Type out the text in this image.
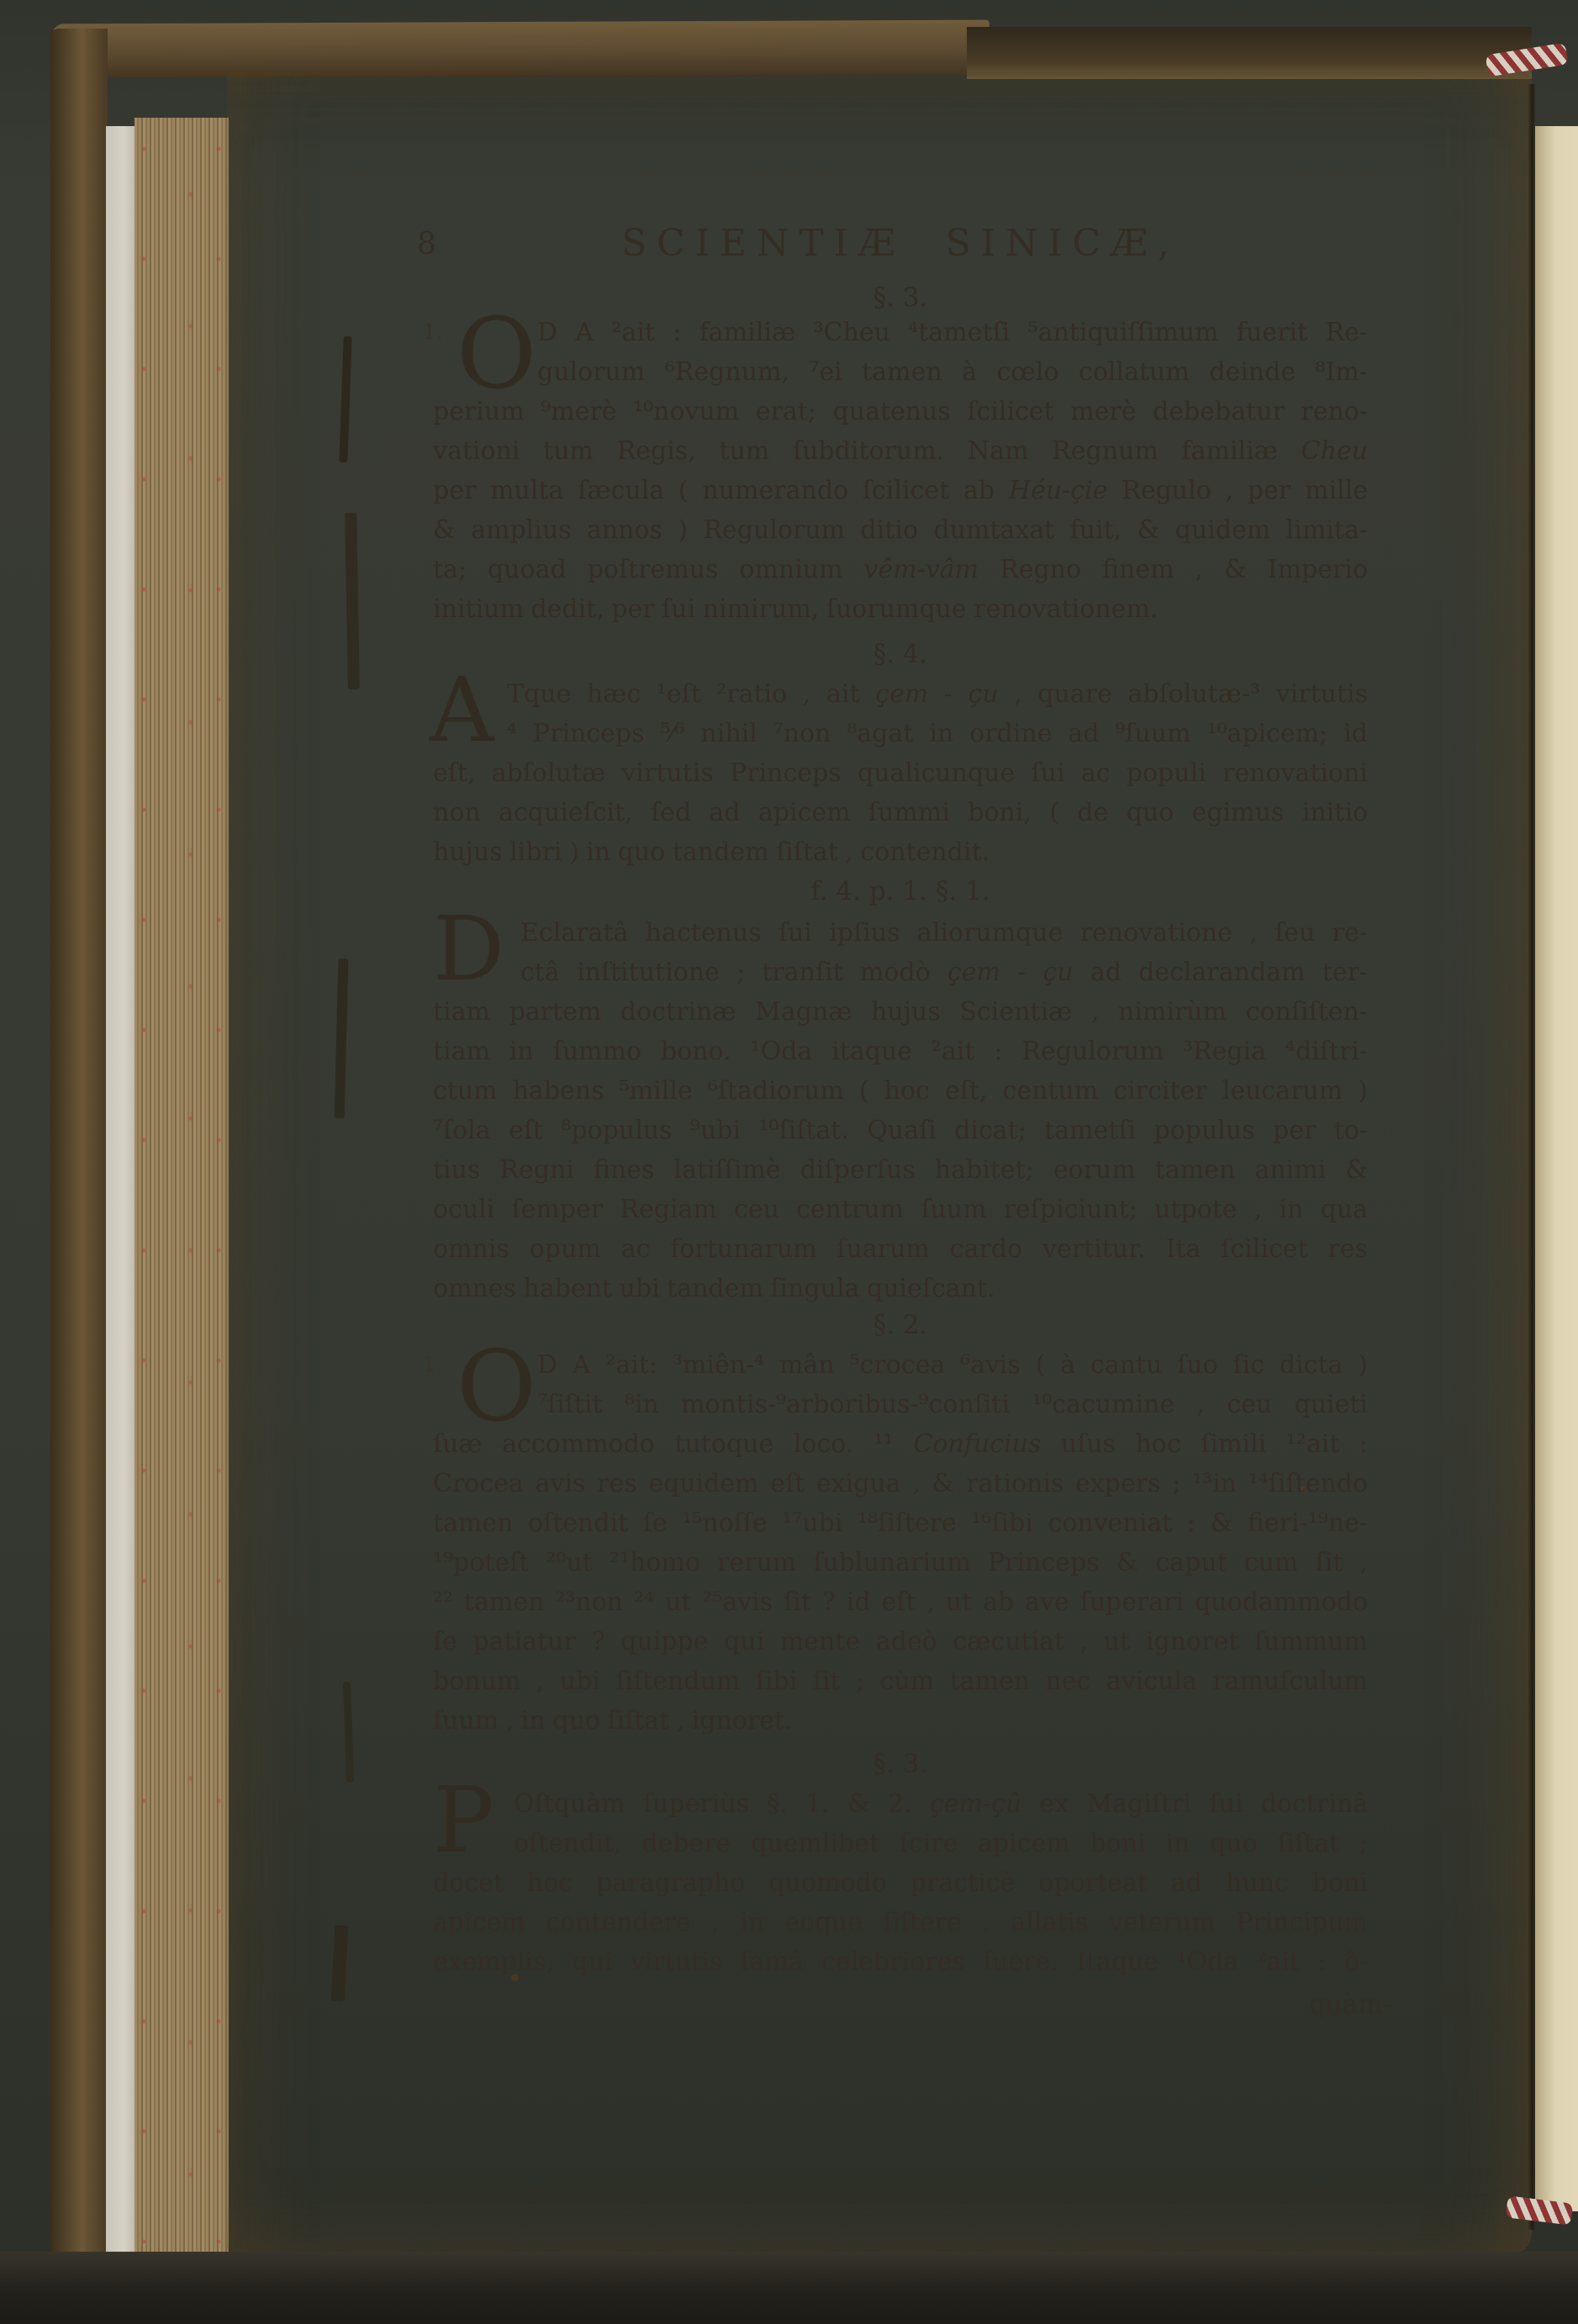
8	SCIENTIÆ SINICÆ,
§. 3.
§. 4.
f. 4. p. 1. §. 1.
§. 2.
§. 3.
1. O D A ²ait : familiæ ³Cheu ⁴tametſi ⁵antiquiſſimum fuerit Re-
gulorum ⁶Regnum, ⁷ei tamen à cœlo collatum deinde ⁸Im-
perium ⁹merè ¹⁰novum erat; quatenus ſcilicet merè debebatur reno-
vationi tum Regis, tum ſubditorum. Nam Regnum familiæ Cheu
per multa ſæcula ( numerando ſcilicet ab Héu-çie Regulo , per mille
& amplius annos ) Regulorum ditio dumtaxat fuit, & quidem limita-
ta; quoad poſtremus omnium vêm-vâm Regno finem , & Imperio
initium dedit, per ſui nimirum, ſuorumque renovationem.
A Tque hæc ¹eſt ²ratio , ait çem - çu , quare abſolutæ-³ virtutis
⁴ Princeps ⁵⁄⁶ nihil ⁷non ⁸agat in ordine ad ⁹ſuum ¹⁰apicem; id
eſt, abſolutæ virtutis Princeps qualicunque ſui ac populi renovationi
non acquieſcit, ſed ad apicem ſummi boni, ( de quo egimus initio
hujus libri ) in quo tandem ſiſtat , contendit.
D Eclaratâ hactenus ſui ipſius aliorumque renovatione , ſeu re-
ctâ inſtitutione ; tranſit modò çem - çu ad declarandam ter-
tiam partem doctrinæ Magnæ hujus Scientiæ , nimirùm conſiſten-
tiam in ſummo bono. ¹Oda itaque ²ait : Regulorum ³Regia ⁴diſtri-
ctum habens ⁵mille ⁶ſtadiorum ( hoc eſt, centum circiter leucarum )
⁷ſola eſt ⁸populus ⁹ubi ¹⁰ſiſtat. Quaſi dicat; tametſi populus per to-
tius Regni fines latiſſimè diſperſus habitet; eorum tamen animi &
oculi ſemper Regiam ceu centrum ſuum reſpiciunt; utpote , in qua
omnis opum ac fortunarum ſuarum cardo vertitur. Ita ſcilicet res
omnes habent ubi tandem ſingula quieſcant.
1. O D A ²ait: ³miên-⁴ mân ⁵crocea ⁶avis ( à cantu ſuo ſic dicta )
⁷ſiſtit ⁸in montis-⁹arboribus-⁹conſiti ¹⁰cacumine , ceu quieti
ſuæ accommodo tutoque loco. ¹¹ Confucius uſus hoc ſimili ¹²ait :
Crocea avis res equidem eſt exigua , & rationis expers ; ¹³in ¹⁴ſiſtendo
tamen oſtendit ſe ¹⁵noſſe ¹⁷ubi ¹⁸ſiſtere ¹⁶ſibi conveniat : & fieri-¹⁹ne-
¹⁹poteſt ²⁰ut ²¹homo rerum ſublunarium Princeps & caput cum ſit ,
²² tamen ²³non ²⁴ ut ²⁵avis ſit ? id eſt , ut ab ave ſuperari quodammodo
ſe patiatur ? quippe qui mente adeò cæcutiat , ut ignoret ſummum
bonum , ubi ſiſtendum ſibi ſit ; cùm tamen nec avicula ramuſculum
ſuum , in quo ſiſtat , ignoret.
P Oſtquàm ſuperiùs §. 1. & 2. çem-çû ex Magiſtri ſui doctrinâ
oſtendit, debere quemlibet ſcire apicem boni in quo ſiſtat ;
docet hoc paragrapho quomodo practicè oporteat ad hunc boni
apicem contendere , in eoque ſiſtere , allatis veterum Principum
exemplis, qui virtutis famâ celebriores fuere. Itaque ¹Oda ²ait : ô-
quàm-
